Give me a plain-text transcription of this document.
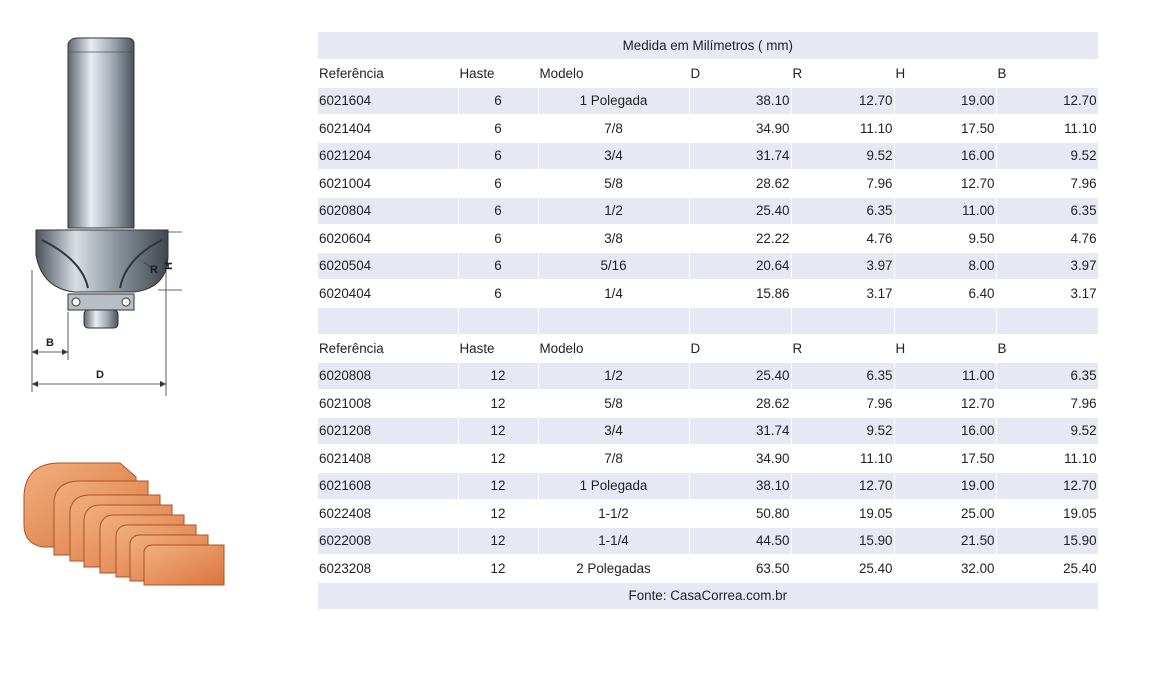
H
R
B
D
Medida em Milímetros ( mm)						
Referência	Haste	Modelo	D	R	H	B
6021604	6	1 Polegada	38.10	12.70	19.00	12.70
6021404	6	7/8	34.90	11.10	17.50	11.10
6021204	6	3/4	31.74	9.52	16.00	9.52
6021004	6	5/8	28.62	7.96	12.70	7.96
6020804	6	1/2	25.40	6.35	11.00	6.35
6020604	6	3/8	22.22	4.76	9.50	4.76
6020504	6	5/16	20.64	3.97	8.00	3.97
6020404	6	1/4	15.86	3.17	6.40	3.17

Referência	Haste	Modelo	D	R	H	B
6020808	12	1/2	25.40	6.35	11.00	6.35
6021008	12	5/8	28.62	7.96	12.70	7.96
6021208	12	3/4	31.74	9.52	16.00	9.52
6021408	12	7/8	34.90	11.10	17.50	11.10
6021608	12	1 Polegada	38.10	12.70	19.00	12.70
6022408	12	1-1/2	50.80	19.05	25.00	19.05
6022008	12	1-1/4	44.50	15.90	21.50	15.90
6023208	12	2 Polegadas	63.50	25.40	32.00	25.40
Fonte: CasaCorrea.com.br						
